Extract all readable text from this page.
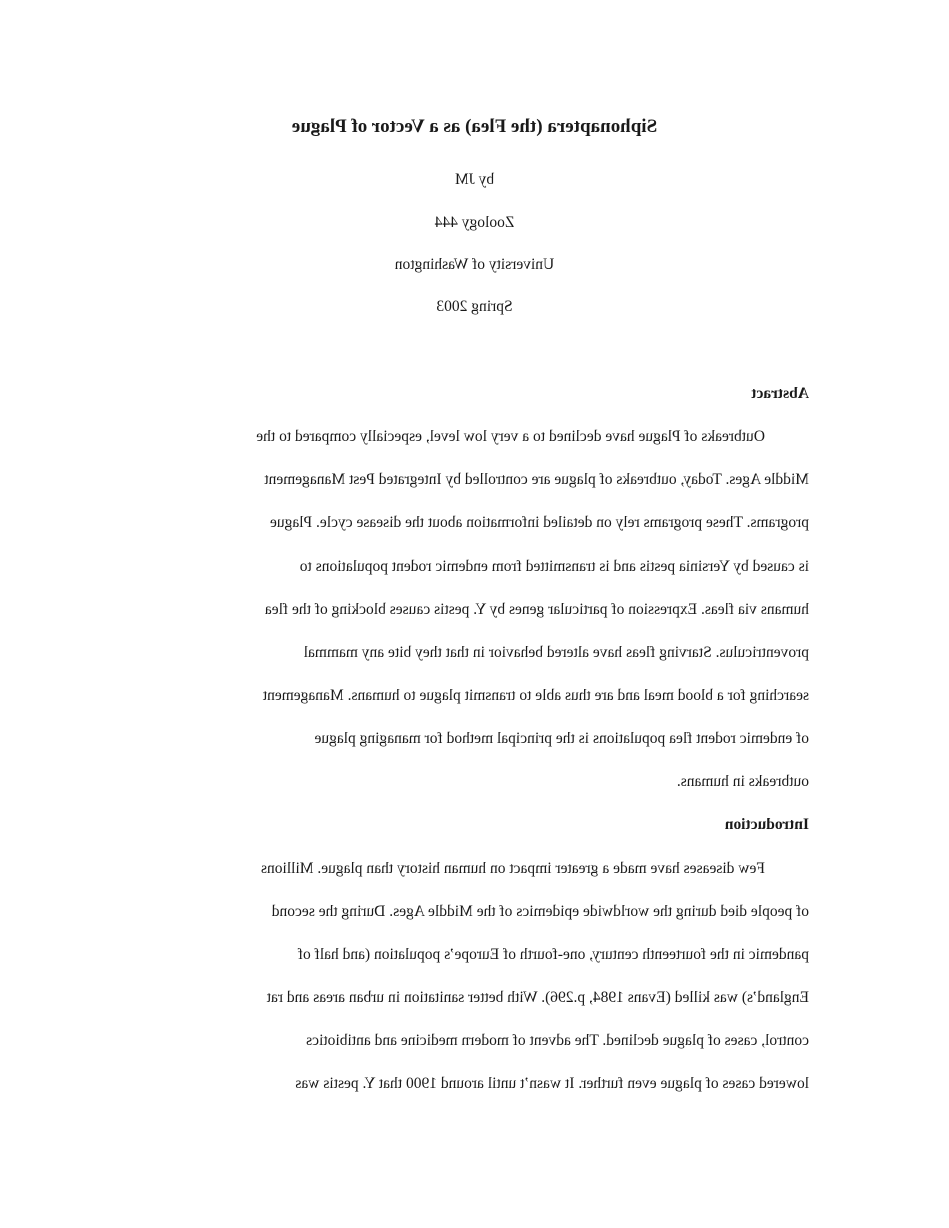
Siphonaptera (the Flea) as a Vector of Plague
by JM
Zoology 444
University of Washington
Spring 2003
Abstract
Outbreaks of Plague have declined to a very low level, especially compared to the
Middle Ages. Today, outbreaks of plague are controlled by Integrated Pest Management
programs. These programs rely on detailed information about the disease cycle. Plague
is caused by Yersinia pestis and is transmitted from endemic rodent populations to
humans via fleas. Expression of particular genes by Y. pestis causes blocking of the flea
proventriculus. Starving fleas have altered behavior in that they bite any mammal
searching for a blood meal and are thus able to transmit plague to humans. Management
of endemic rodent flea populations is the principal method for managing plague
outbreaks in humans.
Introduction
Few diseases have made a greater impact on human history than plague. Millions
of people died during the worldwide epidemics of the Middle Ages. During the second
pandemic in the fourteenth century, one-fourth of Europe’s population (and half of
England’s) was killed (Evans 1984, p.296). With better sanitation in urban areas and rat
control, cases of plague declined. The advent of modern medicine and antibiotics
lowered cases of plague even further. It wasn’t until around 1900 that Y. pestis was
